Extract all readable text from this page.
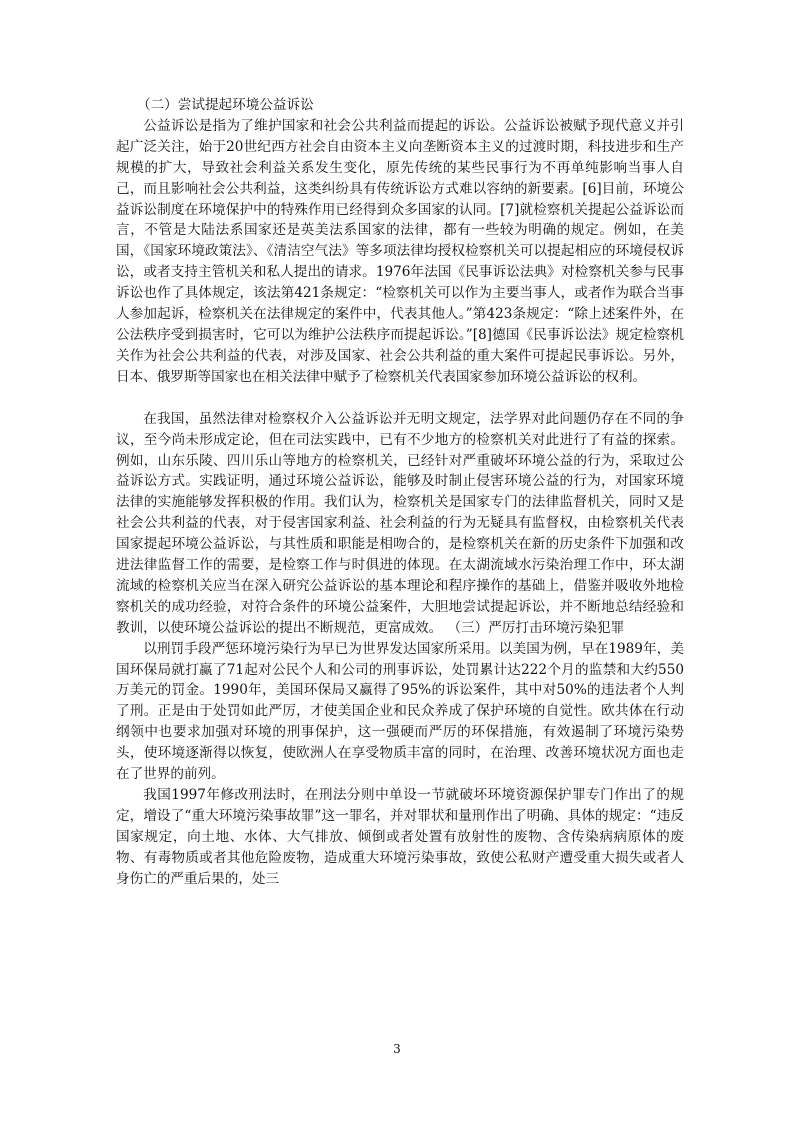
（二）尝试提起环境公益诉讼

公益诉讼是指为了维护国家和社会公共利益而提起的诉讼。公益诉讼被赋予现代意义并引起广泛关注，始于20世纪西方社会自由资本主义向垄断资本主义的过渡时期，科技进步和生产规模的扩大，导致社会利益关系发生变化，原先传统的某些民事行为不再单纯影响当事人自己，而且影响社会公共利益，这类纠纷具有传统诉讼方式难以容纳的新要素。[6]目前，环境公益诉讼制度在环境保护中的特殊作用已经得到众多国家的认同。[7]就检察机关提起公益诉讼而言，不管是大陆法系国家还是英美法系国家的法律，都有一些较为明确的规定。例如，在美国，《国家环境政策法》、《清洁空气法》等多项法律均授权检察机关可以提起相应的环境侵权诉讼，或者支持主管机关和私人提出的请求。1976年法国《民事诉讼法典》对检察机关参与民事诉讼也作了具体规定，该法第421条规定：“检察机关可以作为主要当事人，或者作为联合当事人参加起诉，检察机关在法律规定的案件中，代表其他人。”第423条规定：“除上述案件外，在公法秩序受到损害时，它可以为维护公法秩序而提起诉讼。”[8]德国《民事诉讼法》规定检察机关作为社会公共利益的代表，对涉及国家、社会公共利益的重大案件可提起民事诉讼。另外，日本、俄罗斯等国家也在相关法律中赋予了检察机关代表国家参加环境公益诉讼的权利。

在我国，虽然法律对检察权介入公益诉讼并无明文规定，法学界对此问题仍存在不同的争议，至今尚未形成定论，但在司法实践中，已有不少地方的检察机关对此进行了有益的探索。例如，山东乐陵、四川乐山等地方的检察机关，已经针对严重破坏环境公益的行为，采取过公益诉讼方式。实践证明，通过环境公益诉讼，能够及时制止侵害环境公益的行为，对国家环境法律的实施能够发挥积极的作用。我们认为，检察机关是国家专门的法律监督机关，同时又是社会公共利益的代表，对于侵害国家利益、社会利益的行为无疑具有监督权，由检察机关代表国家提起环境公益诉讼，与其性质和职能是相吻合的，是检察机关在新的历史条件下加强和改进法律监督工作的需要，是检察工作与时俱进的体现。在太湖流域水污染治理工作中，环太湖流域的检察机关应当在深入研究公益诉讼的基本理论和程序操作的基础上，借鉴并吸收外地检察机关的成功经验，对符合条件的环境公益案件，大胆地尝试提起诉讼，并不断地总结经验和教训，以使环境公益诉讼的提出不断规范，更富成效。 （三）严厉打击环境污染犯罪

以刑罚手段严惩环境污染行为早已为世界发达国家所采用。以美国为例，早在1989年，美国环保局就打赢了71起对公民个人和公司的刑事诉讼，处罚累计达222个月的监禁和大约550万美元的罚金。1990年，美国环保局又赢得了95%的诉讼案件，其中对50%的违法者个人判了刑。正是由于处罚如此严厉，才使美国企业和民众养成了保护环境的自觉性。欧共体在行动纲领中也要求加强对环境的刑事保护，这一强硬而严厉的环保措施，有效遏制了环境污染势头，使环境逐渐得以恢复，使欧洲人在享受物质丰富的同时，在治理、改善环境状况方面也走在了世界的前列。

我国1997年修改刑法时，在刑法分则中单设一节就破坏环境资源保护罪专门作出了的规定，增设了“重大环境污染事故罪”这一罪名，并对罪状和量刑作出了明确、具体的规定：“违反国家规定，向土地、水体、大气排放、倾倒或者处置有放射性的废物、含传染病病原体的废物、有毒物质或者其他危险废物，造成重大环境污染事故，致使公私财产遭受重大损失或者人身伤亡的严重后果的，处三

3
